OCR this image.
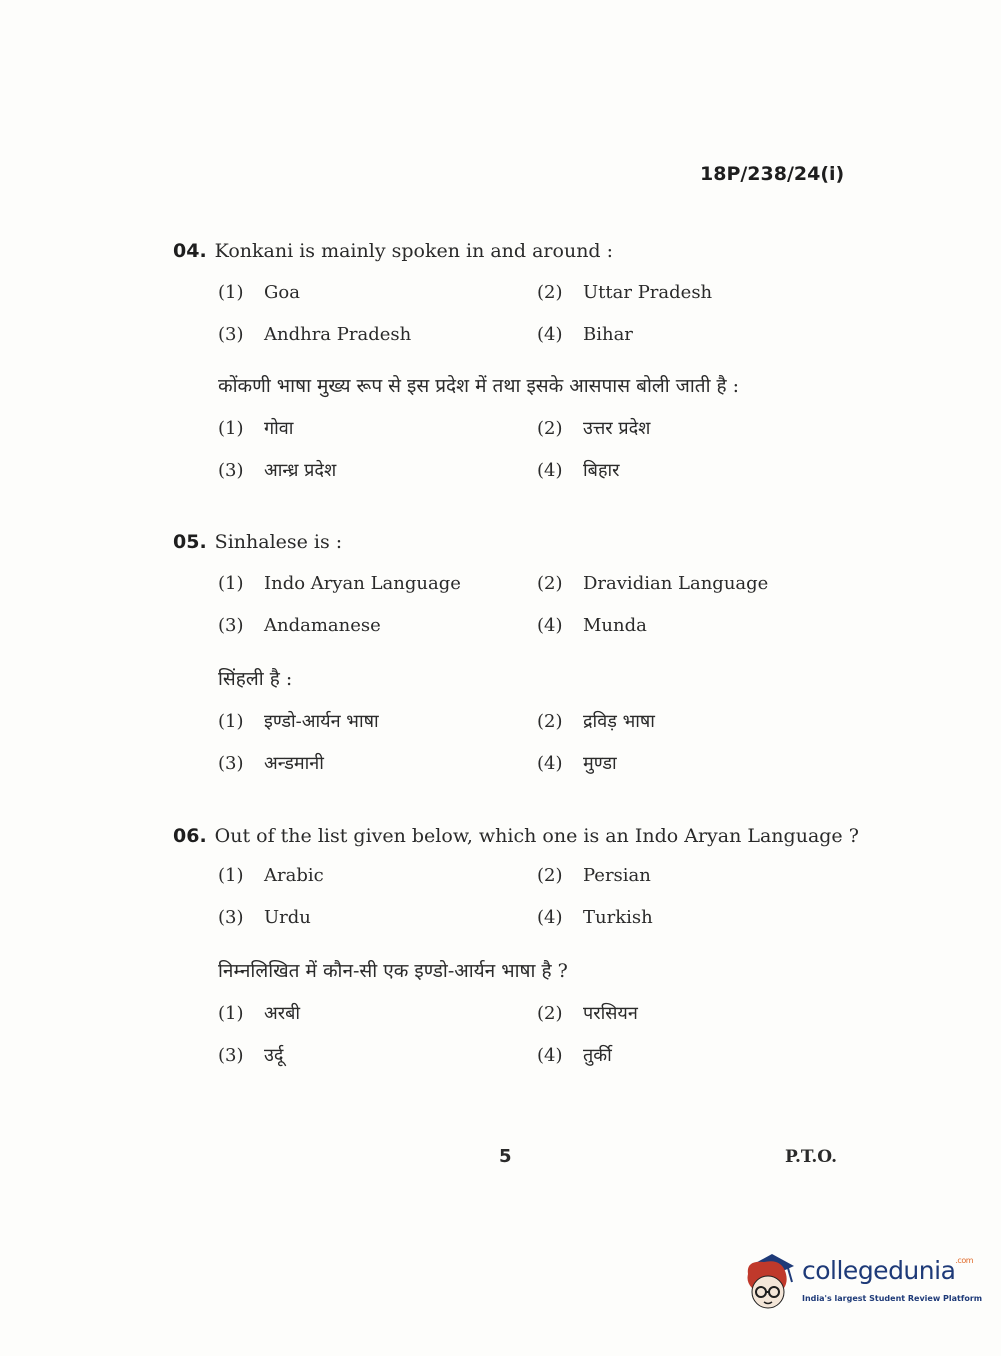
18P/238/24(i)
04. Konkani is mainly spoken in and around :
(1) Goa	(2) Uttar Pradesh
(3) Andhra Pradesh	(4) Bihar
कोंकणी भाषा मुख्य रूप से इस प्रदेश में तथा इसके आसपास बोली जाती है :
(1) गोवा	(2) उत्तर प्रदेश
(3) आन्ध्र प्रदेश	(4) बिहार
05. Sinhalese is :
(1) Indo Aryan Language	(2) Dravidian Language
(3) Andamanese	(4) Munda
सिंहली है :
(1) इण्डो-आर्यन भाषा	(2) द्रविड़ भाषा
(3) अन्डमानी	(4) मुण्डा
06. Out of the list given below, which one is an Indo Aryan Language ?
(1) Arabic	(2) Persian
(3) Urdu	(4) Turkish
निम्नलिखित में कौन-सी एक इण्डो-आर्यन भाषा है ?
(1) अरबी	(2) परसियन
(3) उर्दू	(4) तुर्की
5	P.T.O.
collegedunia$^{.com}$
India's largest Student Review Platform
